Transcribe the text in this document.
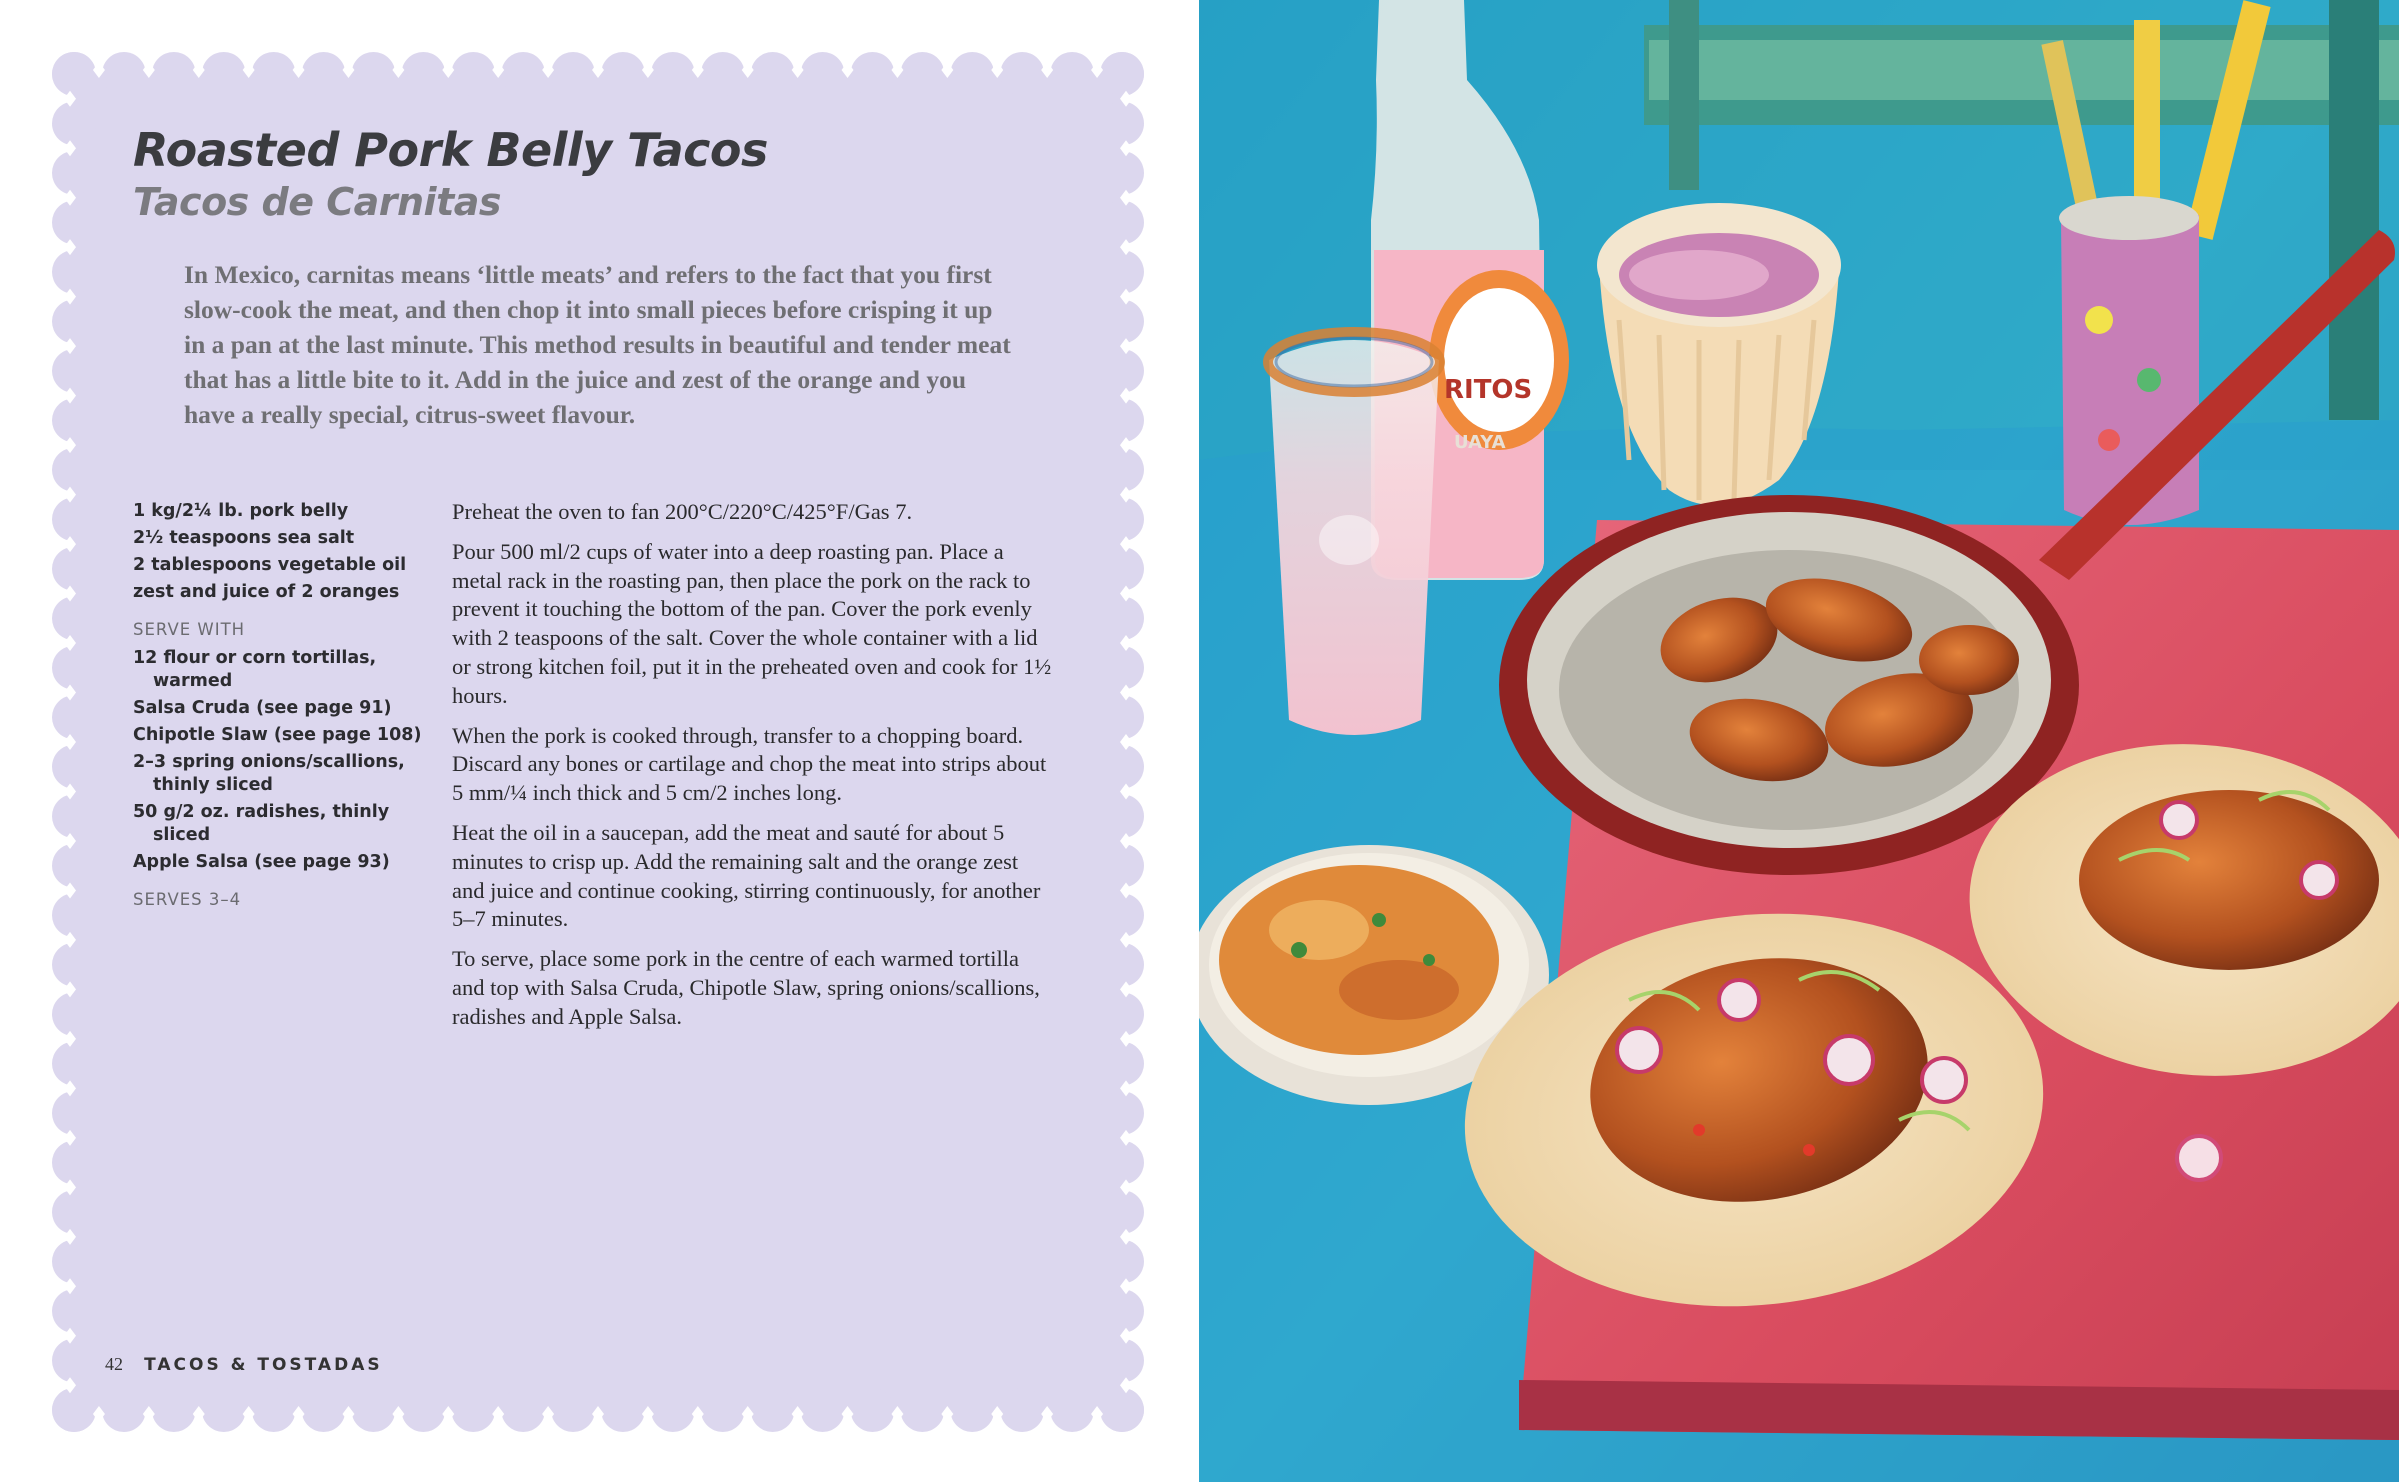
Roasted Pork Belly Tacos
Tacos de Carnitas
In Mexico, carnitas means ‘little meats’ and refers to the fact that you first slow-cook the meat, and then chop it into small pieces before crisping it up in a pan at the last minute. This method results in beautiful and tender meat that has a little bite to it. Add in the juice and zest of the orange and you have a really special, citrus-sweet flavour.
1 kg/2¼ lb. pork belly
2½ teaspoons sea salt
2 tablespoons vegetable oil
zest and juice of 2 oranges
SERVE WITH
12 flour or corn tortillas, warmed
Salsa Cruda (see page 91)
Chipotle Slaw (see page 108)
2–3 spring onions/scallions, thinly sliced
50 g/2 oz. radishes, thinly sliced
Apple Salsa (see page 93)
SERVES 3–4

Preheat the oven to fan 200°C/220°C/425°F/Gas 7.

Pour 500 ml/2 cups of water into a deep roasting pan. Place a metal rack in the roasting pan, then place the pork on the rack to prevent it touching the bottom of the pan. Cover the pork evenly with 2 teaspoons of the salt. Cover the whole container with a lid or strong kitchen foil, put it in the preheated oven and cook for 1½ hours.

When the pork is cooked through, transfer to a chopping board. Discard any bones or cartilage and chop the meat into strips about 5 mm/¼ inch thick and 5 cm/2 inches long.

Heat the oil in a saucepan, add the meat and sauté for about 5 minutes to crisp up. Add the remaining salt and the orange zest and juice and continue cooking, stirring continuously, for another 5–7 minutes.

To serve, place some pork in the centre of each warmed tortilla and top with Salsa Cruda, Chipotle Slaw, spring onions/scallions, radishes and Apple Salsa.

42 TACOS & TOSTADAS
RITOS
UAYA
